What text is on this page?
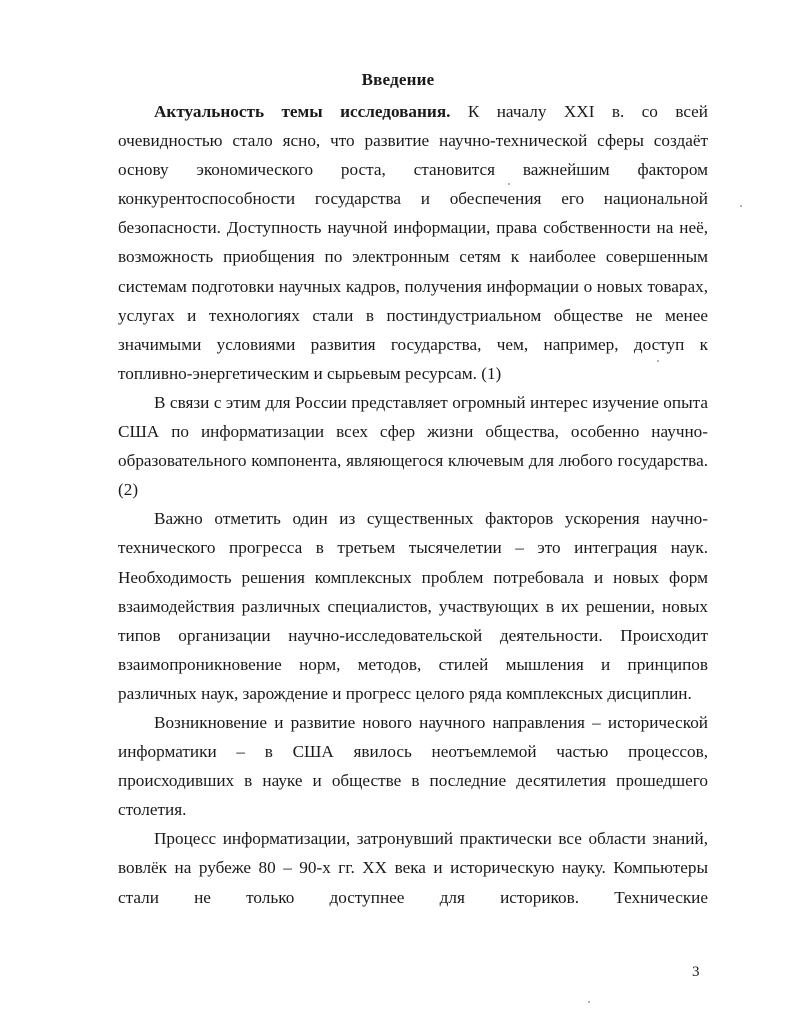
Введение

Актуальность темы исследования. К началу XXI в. со всей очевидностью стало ясно, что развитие научно-технической сферы создаёт основу экономического роста, становится важнейшим фактором конкурентоспособности государства и обеспечения его национальной безопасности. Доступность научной информации, права собственности на неё, возможность приобщения по электронным сетям к наиболее совершенным системам подготовки научных кадров, получения информации о новых товарах, услугах и технологиях стали в постиндустриальном обществе не менее значимыми условиями развития государства, чем, например, доступ к топливно-энергетическим и сырьевым ресурсам. (1)

В связи с этим для России представляет огромный интерес изучение опыта США по информатизации всех сфер жизни общества, особенно научно-образовательного компонента, являющегося ключевым для любого государства. (2)

Важно отметить один из существенных факторов ускорения научно-технического прогресса в третьем тысячелетии – это интеграция наук. Необходимость решения комплексных проблем потребовала и новых форм взаимодействия различных специалистов, участвующих в их решении, новых типов организации научно-исследовательской деятельности. Происходит взаимопроникновение норм, методов, стилей мышления и принципов различных наук, зарождение и прогресс целого ряда комплексных дисциплин.

Возникновение и развитие нового научного направления – исторической информатики – в США явилось неотъемлемой частью процессов, происходивших в науке и обществе в последние десятилетия прошедшего столетия.

Процесс информатизации, затронувший практически все области знаний, вовлёк на рубеже 80 – 90-х гг. XX века и историческую науку. Компьютеры стали не только доступнее для историков. Технические

3
